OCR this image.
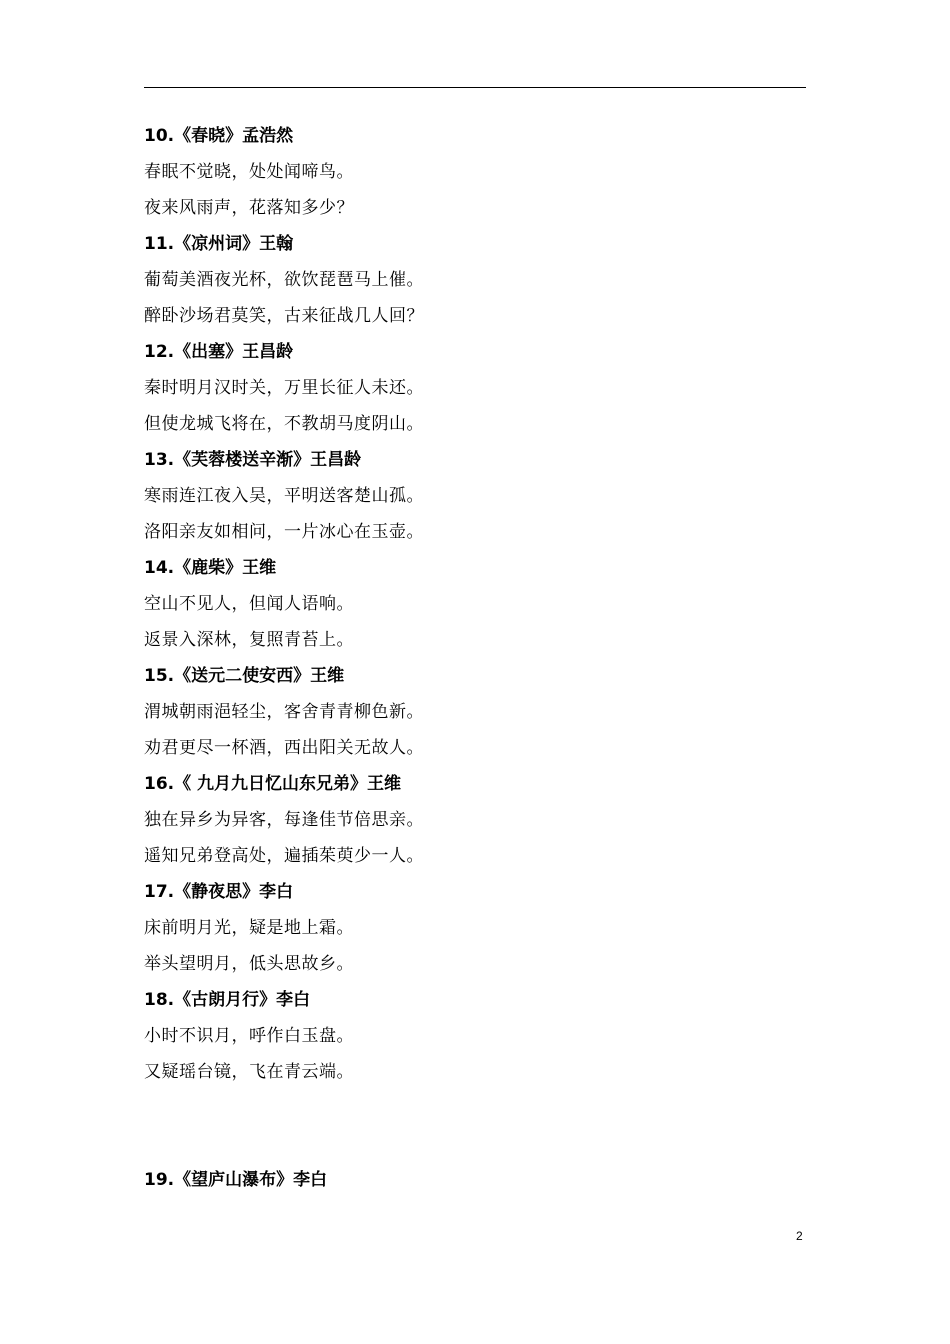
10.《春晓》孟浩然
春眠不觉晓，处处闻啼鸟。
夜来风雨声，花落知多少？
11.《凉州词》王翰
葡萄美酒夜光杯，欲饮琵琶马上催。
醉卧沙场君莫笑，古来征战几人回？
12.《出塞》王昌龄
秦时明月汉时关，万里长征人未还。
但使龙城飞将在，不教胡马度阴山。
13.《芙蓉楼送辛渐》王昌龄
寒雨连江夜入吴，平明送客楚山孤。
洛阳亲友如相问，一片冰心在玉壶。
14.《鹿柴》王维
空山不见人，但闻人语响。
返景入深林，复照青苔上。
15.《送元二使安西》王维
渭城朝雨浥轻尘，客舍青青柳色新。
劝君更尽一杯酒，西出阳关无故人。
16.《 九月九日忆山东兄弟》王维
独在异乡为异客，每逢佳节倍思亲。
遥知兄弟登高处，遍插茱萸少一人。
17.《静夜思》李白
床前明月光，疑是地上霜。
举头望明月，低头思故乡。
18.《古朗月行》李白
小时不识月，呼作白玉盘。
又疑瑶台镜，飞在青云端。
19.《望庐山瀑布》李白
2
